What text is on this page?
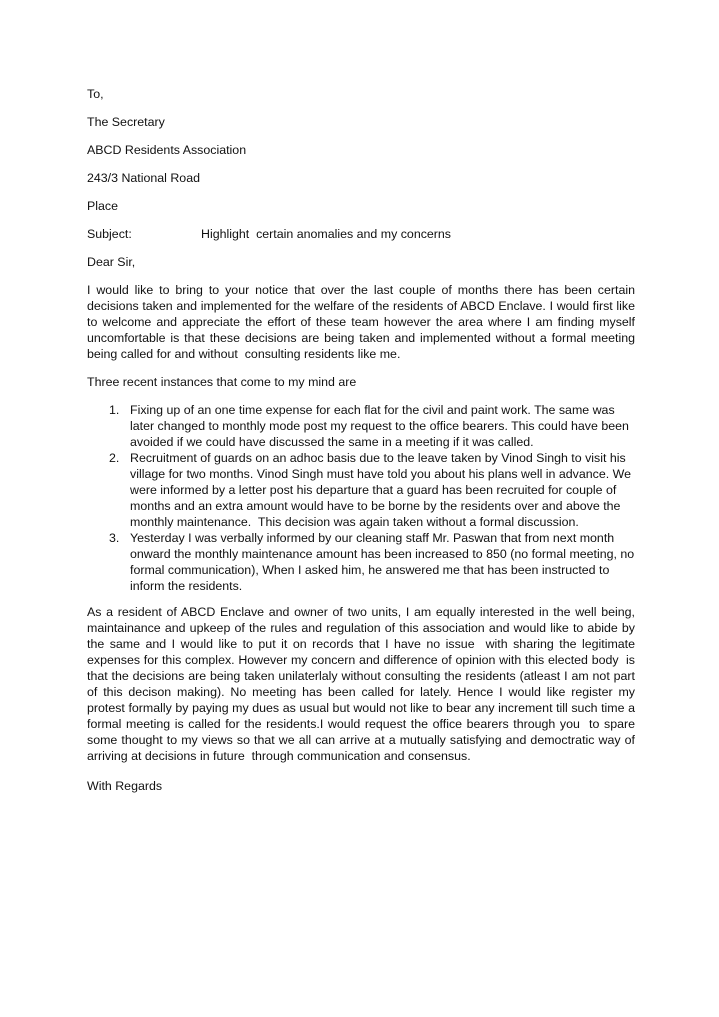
To,
The Secretary
ABCD Residents Association
243/3 National Road
Place
Subject:	Highlight  certain anomalies and my concerns
Dear Sir,
I would like to bring to your notice that over the last couple of months there has been certain decisions taken and implemented for the welfare of the residents of ABCD Enclave. I would first like to welcome and appreciate the effort of these team however the area where I am finding myself uncomfortable is that these decisions are being taken and implemented without a formal meeting being called for and without  consulting residents like me.
Three recent instances that come to my mind are
1. Fixing up of an one time expense for each flat for the civil and paint work. The same was later changed to monthly mode post my request to the office bearers. This could have been avoided if we could have discussed the same in a meeting if it was called.
2. Recruitment of guards on an adhoc basis due to the leave taken by Vinod Singh to visit his village for two months. Vinod Singh must have told you about his plans well in advance. We were informed by a letter post his departure that a guard has been recruited for couple of months and an extra amount would have to be borne by the residents over and above the monthly maintenance.  This decision was again taken without a formal discussion.
3. Yesterday I was verbally informed by our cleaning staff Mr. Paswan that from next month onward the monthly maintenance amount has been increased to 850 (no formal meeting, no formal communication), When I asked him, he answered me that has been instructed to inform the residents.
As a resident of ABCD Enclave and owner of two units, I am equally interested in the well being, maintainance and upkeep of the rules and regulation of this association and would like to abide by the same and I would like to put it on records that I have no issue  with sharing the legitimate expenses for this complex. However my concern and difference of opinion with this elected body  is that the decisions are being taken unilaterlaly without consulting the residents (atleast I am not part of this decison making). No meeting has been called for lately. Hence I would like register my protest formally by paying my dues as usual but would not like to bear any increment till such time a formal meeting is called for the residents.I would request the office bearers through you  to spare some thought to my views so that we all can arrive at a mutually satisfying and democtratic way of arriving at decisions in future  through communication and consensus.
With Regards
